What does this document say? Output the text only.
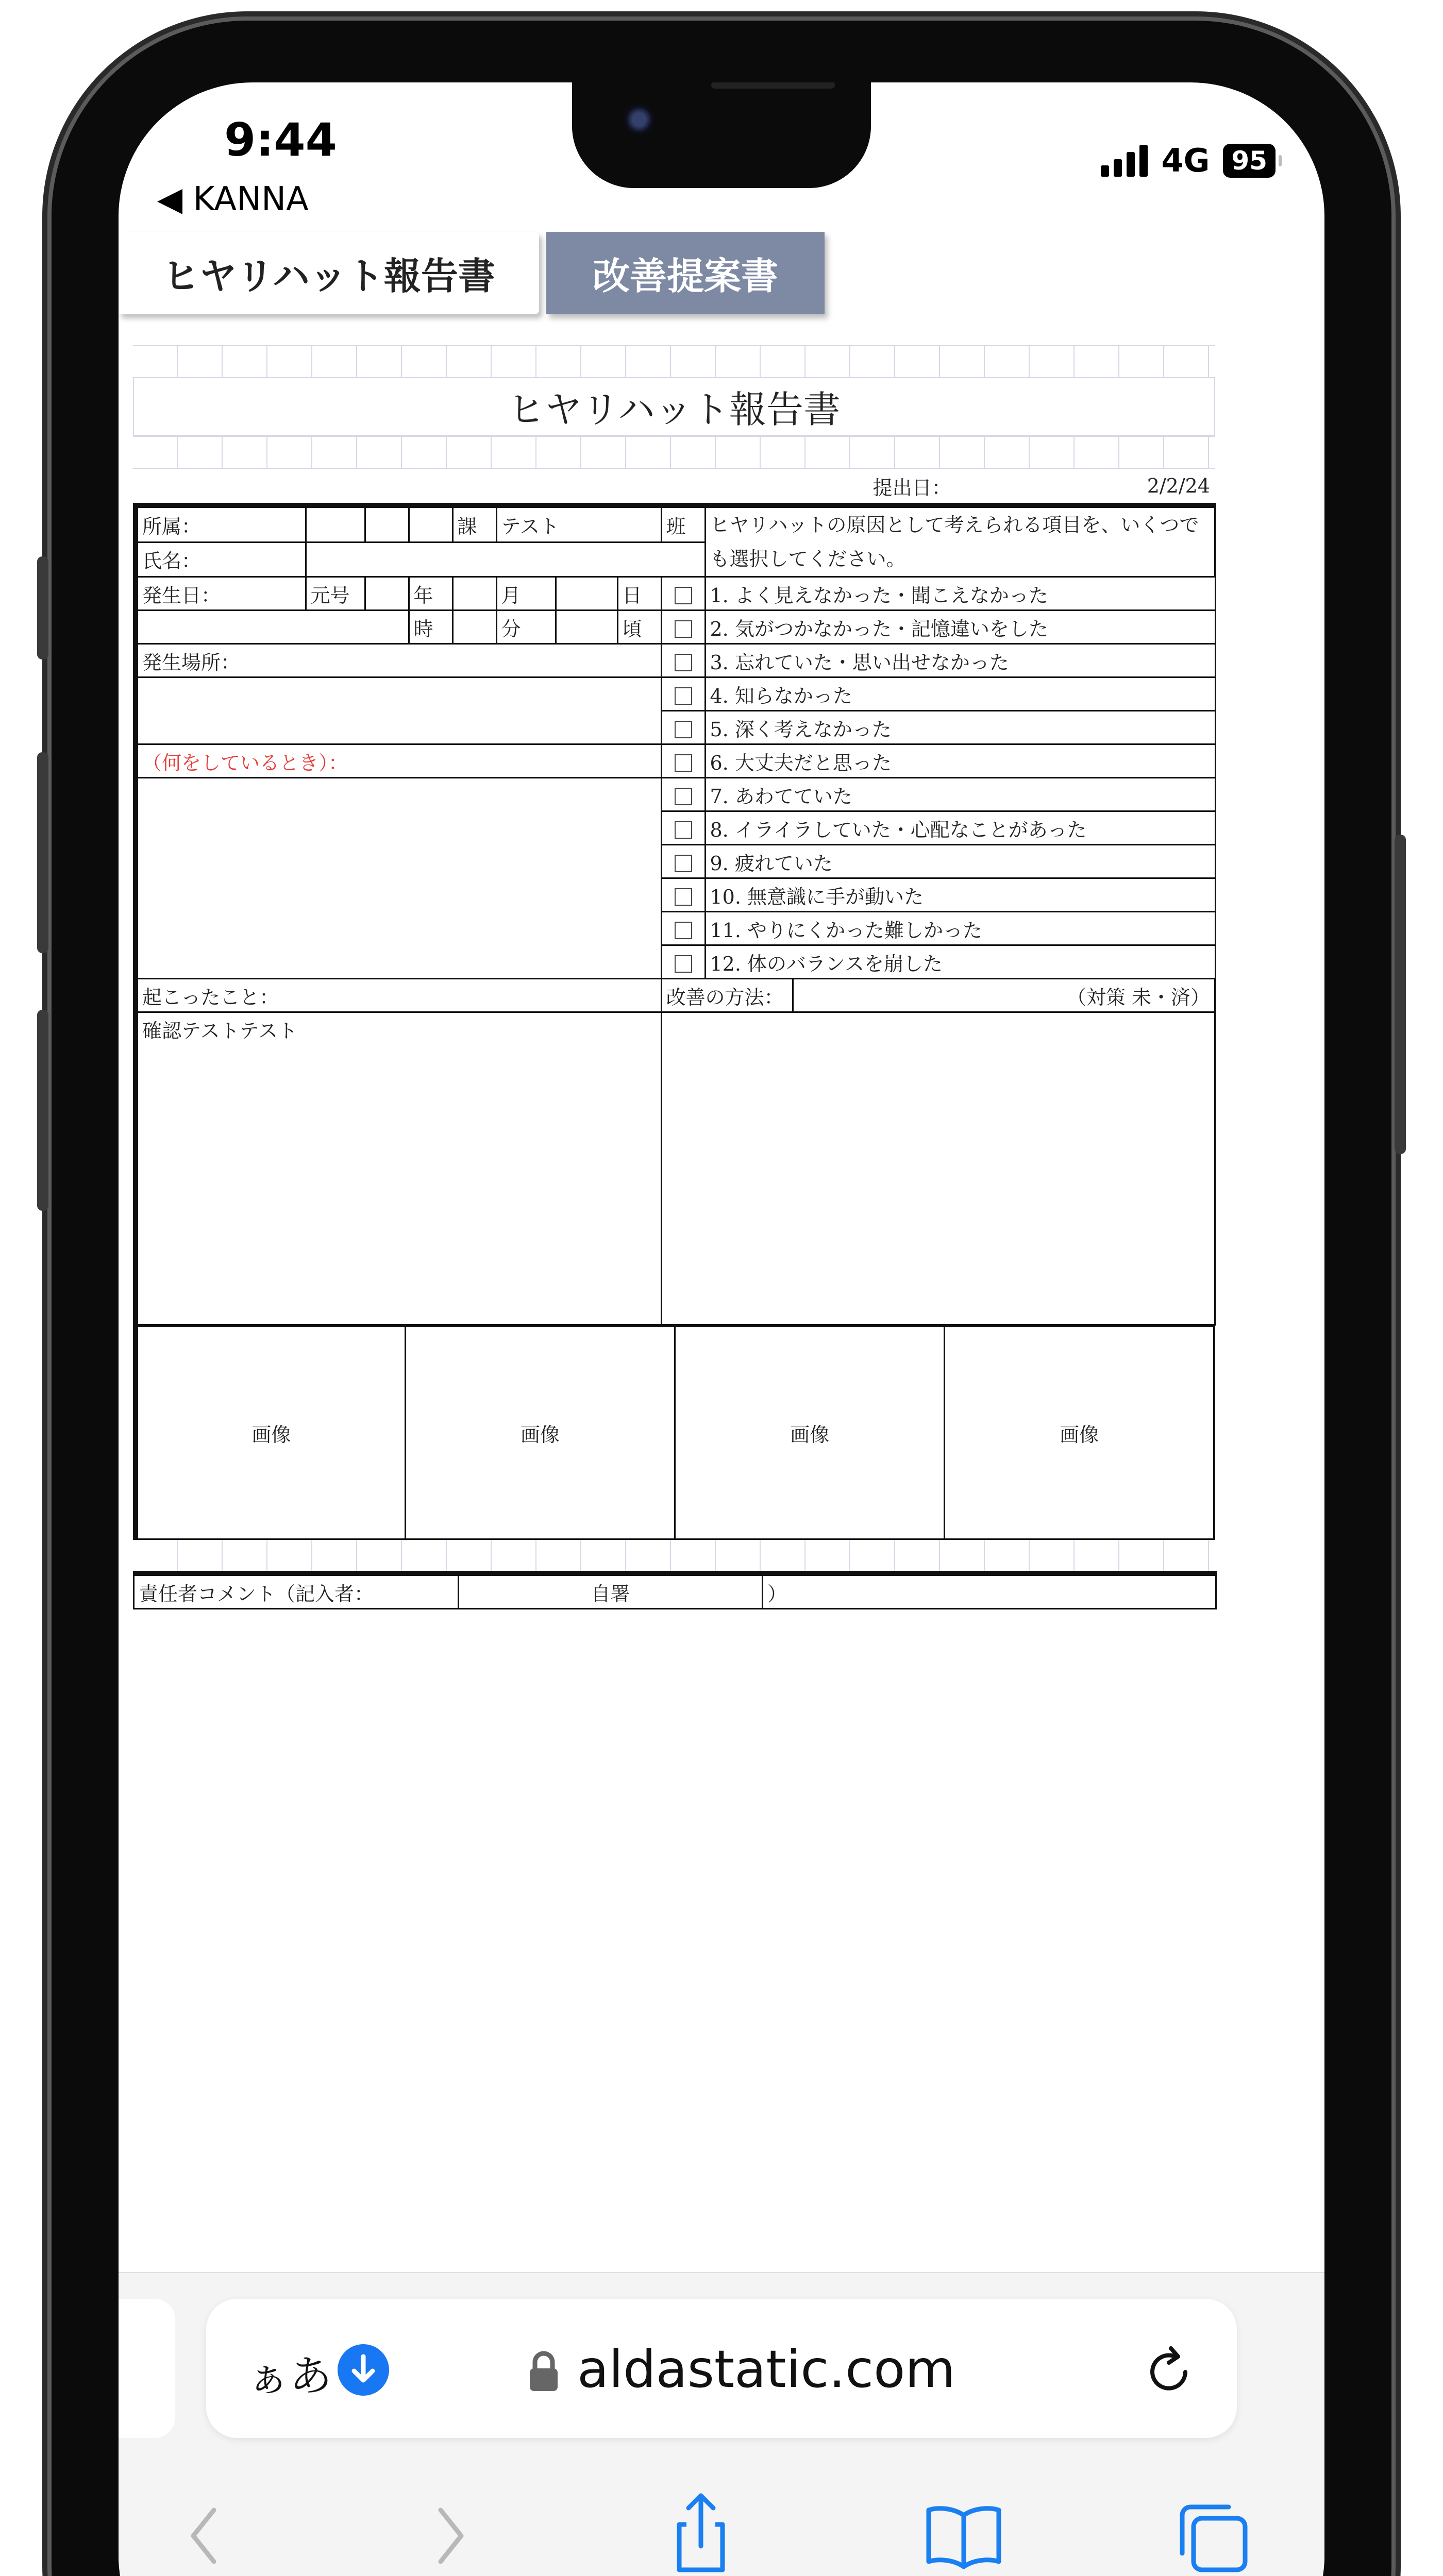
9:44
◀ KANNA
4G 95
ヒヤリハット報告書	改善提案書
ヒヤリハット報告書
提出日：	2/2/24
所属：				課	テスト			班	ヒヤリハットの原因として考えられる項目を、いくつでも選択してください。	
氏名：										
発生日：	元号		年		月		日		1. よく見えなかった・聞こえなかった	
			時		分		頃		2. 気がつかなかった・記憶違いをした	
発生場所：									3. 忘れていた・思い出せなかった	
									4. 知らなかった	
									5. 深く考えなかった	
（何をしているとき）：									6. 大丈夫だと思った	
									7. あわてていた	
									8. イライラしていた・心配なことがあった	
									9. 疲れていた	
									10. 無意識に手が動いた	
									11. やりにくかった難しかった	
									12. 体のバランスを崩した	
起こったこと：								改善の方法：		（対策 未・済）
確認テストテスト										
画像	画像	画像	画像
責任者コメント（記入者：	自署	）
ぁあ	aldastatic.com
